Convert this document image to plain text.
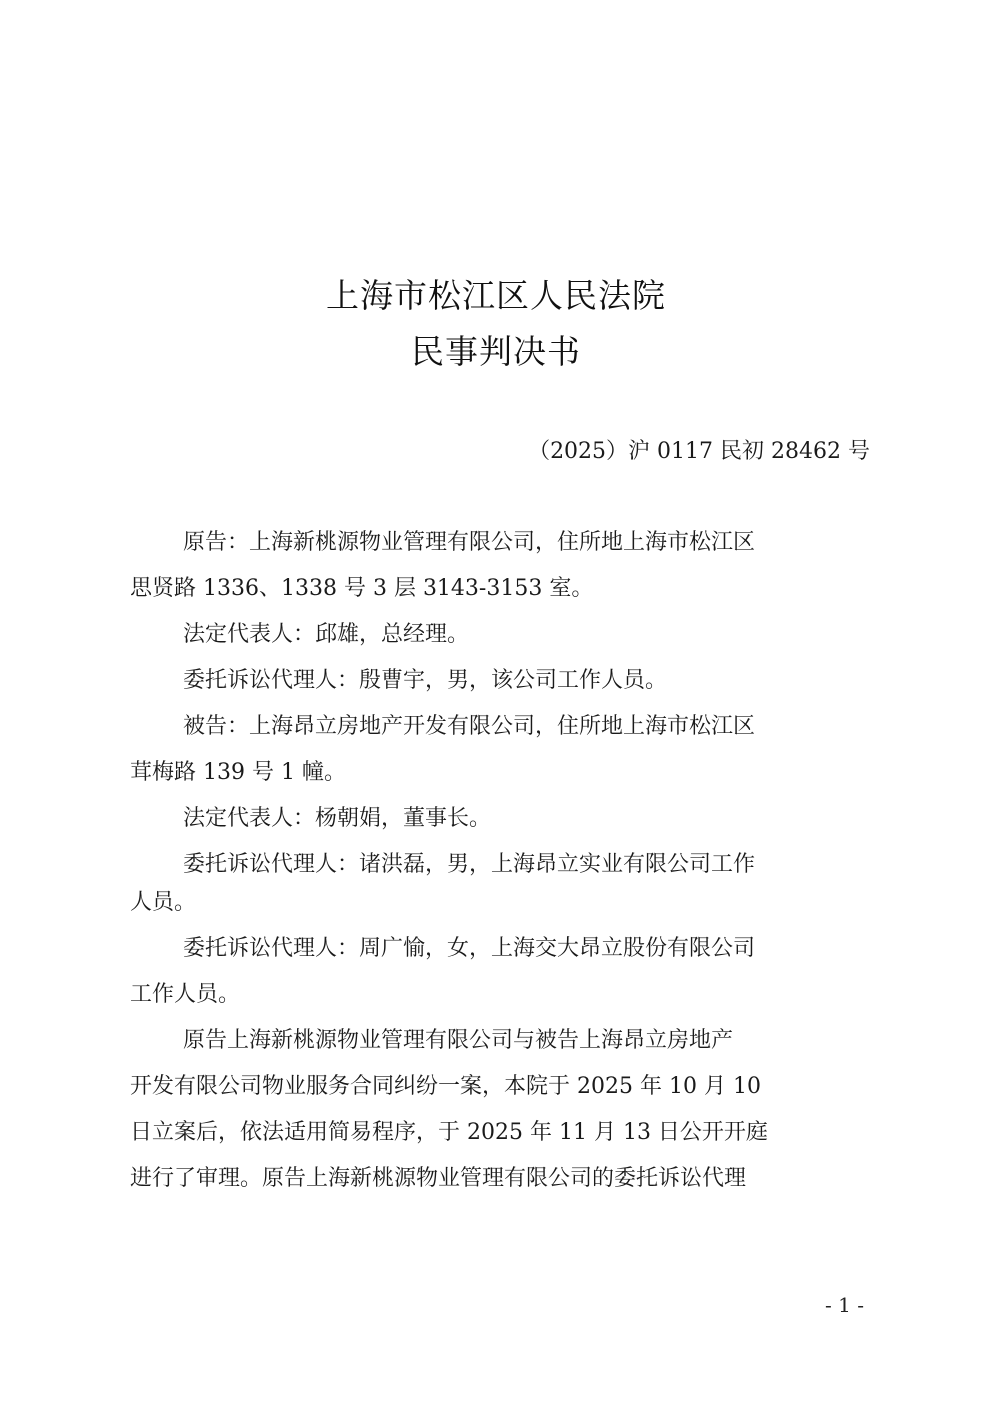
上海市松江区人民法院
民事判决书
（2025）沪 0117 民初 28462 号
原告：上海新桃源物业管理有限公司，住所地上海市松江区
思贤路 1336、1338 号 3 层 3143-3153 室。
法定代表人：邱雄，总经理。
委托诉讼代理人：殷曹宇，男，该公司工作人员。
被告：上海昂立房地产开发有限公司，住所地上海市松江区
茸梅路 139 号 1 幢。
法定代表人：杨朝娟，董事长。
委托诉讼代理人：诸洪磊，男，上海昂立实业有限公司工作
人员。
委托诉讼代理人：周广愉，女，上海交大昂立股份有限公司
工作人员。
原告上海新桃源物业管理有限公司与被告上海昂立房地产
开发有限公司物业服务合同纠纷一案，本院于 2025 年 10 月 10
日立案后，依法适用简易程序，于 2025 年 11 月 13 日公开开庭
进行了审理。原告上海新桃源物业管理有限公司的委托诉讼代理
- 1 -
